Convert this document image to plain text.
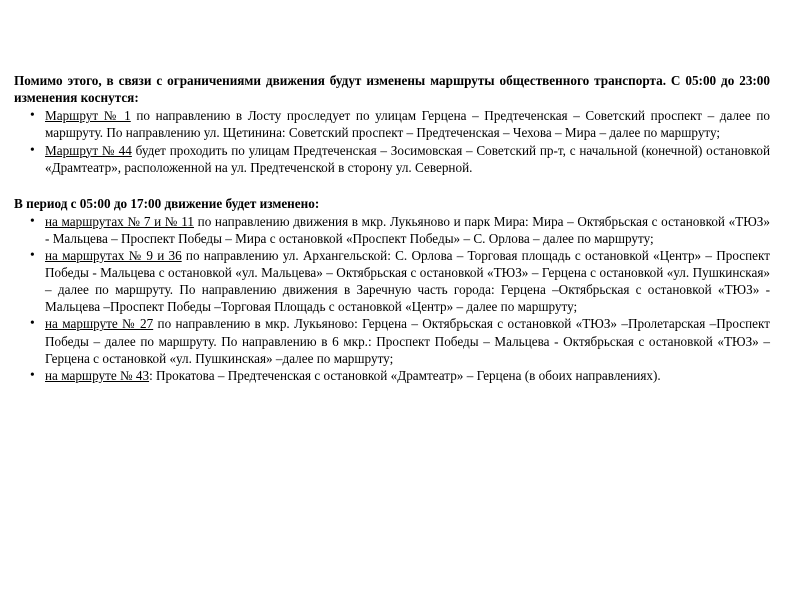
Помимо этого, в связи с ограничениями движения будут изменены маршруты общественного транспорта. С 05:00 до 23:00 изменения коснутся:

• Маршрут № 1 по направлению в Лосту проследует по улицам Герцена – Предтеченская – Советский проспект – далее по маршруту. По направлению ул. Щетинина: Советский проспект – Предтеченская – Чехова – Мира – далее по маршруту;
• Маршрут № 44 будет проходить по улицам Предтеченская – Зосимовская – Советский пр-т, с начальной (конечной) остановкой «Драмтеатр», расположенной на ул. Предтеченской в сторону ул. Северной.

В период с 05:00 до 17:00 движение будет изменено:

• на маршрутах № 7 и № 11 по направлению движения в мкр. Лукьяново и парк Мира: Мира – Октябрьская с остановкой «ТЮЗ» - Мальцева – Проспект Победы – Мира с остановкой «Проспект Победы» – С. Орлова – далее по маршруту;
• на маршрутах № 9 и 36 по направлению ул. Архангельской: С. Орлова – Торговая площадь с остановкой «Центр» – Проспект Победы - Мальцева с остановкой «ул. Мальцева» – Октябрьская с остановкой «ТЮЗ» – Герцена с остановкой «ул. Пушкинская» – далее по маршруту. По направлению движения в Заречную часть города: Герцена –Октябрьская с остановкой «ТЮЗ» - Мальцева –Проспект Победы –Торговая Площадь с остановкой «Центр» – далее по маршруту;
• на маршруте № 27 по направлению в мкр. Лукьяново: Герцена – Октябрьская с остановкой «ТЮЗ» –Пролетарская –Проспект Победы – далее по маршруту. По направлению в 6 мкр.: Проспект Победы – Мальцева - Октябрьская с остановкой «ТЮЗ» –Герцена с остановкой «ул. Пушкинская» –далее по маршруту;
• на маршруте № 43: Прокатова – Предтеченская с остановкой «Драмтеатр» – Герцена (в обоих направлениях).
